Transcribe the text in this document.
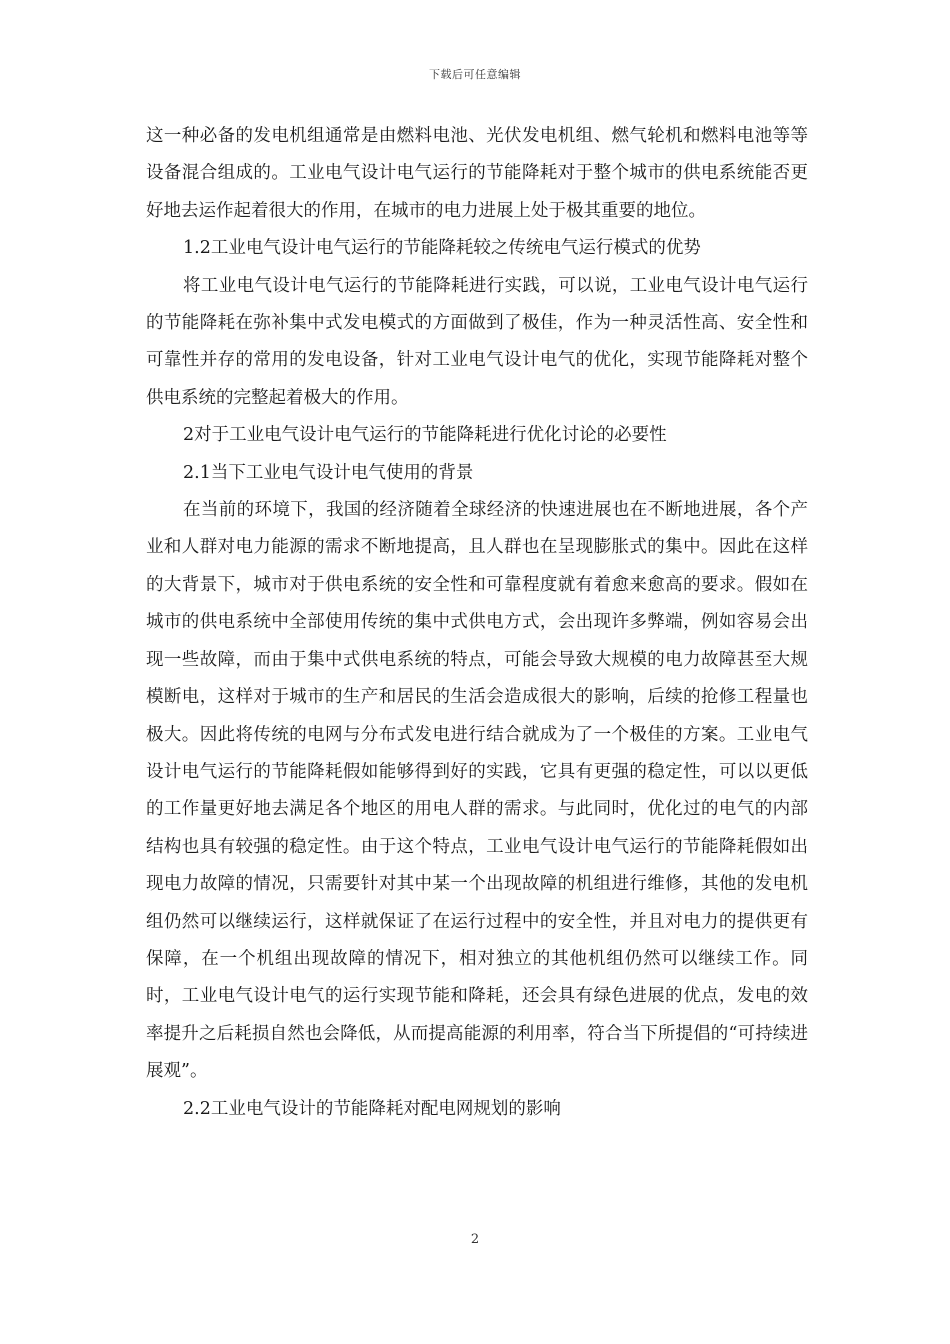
下载后可任意编辑

这一种必备的发电机组通常是由燃料电池、光伏发电机组、燃气轮机和燃料电池等等设备混合组成的。工业电气设计电气运行的节能降耗对于整个城市的供电系统能否更好地去运作起着很大的作用，在城市的电力进展上处于极其重要的地位。

1.2工业电气设计电气运行的节能降耗较之传统电气运行模式的优势

将工业电气设计电气运行的节能降耗进行实践，可以说，工业电气设计电气运行的节能降耗在弥补集中式发电模式的方面做到了极佳，作为一种灵活性高、安全性和可靠性并存的常用的发电设备，针对工业电气设计电气的优化，实现节能降耗对整个供电系统的完整起着极大的作用。

2对于工业电气设计电气运行的节能降耗进行优化讨论的必要性

2.1当下工业电气设计电气使用的背景

在当前的环境下，我国的经济随着全球经济的快速进展也在不断地进展，各个产业和人群对电力能源的需求不断地提高，且人群也在呈现膨胀式的集中。因此在这样的大背景下，城市对于供电系统的安全性和可靠程度就有着愈来愈高的要求。假如在城市的供电系统中全部使用传统的集中式供电方式，会出现许多弊端，例如容易会出现一些故障，而由于集中式供电系统的特点，可能会导致大规模的电力故障甚至大规模断电，这样对于城市的生产和居民的生活会造成很大的影响，后续的抢修工程量也极大。因此将传统的电网与分布式发电进行结合就成为了一个极佳的方案。工业电气设计电气运行的节能降耗假如能够得到好的实践，它具有更强的稳定性，可以以更低的工作量更好地去满足各个地区的用电人群的需求。与此同时，优化过的电气的内部结构也具有较强的稳定性。由于这个特点，工业电气设计电气运行的节能降耗假如出现电力故障的情况，只需要针对其中某一个出现故障的机组进行维修，其他的发电机组仍然可以继续运行，这样就保证了在运行过程中的安全性，并且对电力的提供更有保障，在一个机组出现故障的情况下，相对独立的其他机组仍然可以继续工作。同时，工业电气设计电气的运行实现节能和降耗，还会具有绿色进展的优点，发电的效率提升之后耗损自然也会降低，从而提高能源的利用率，符合当下所提倡的“可持续进展观”。

2.2工业电气设计的节能降耗对配电网规划的影响

2
